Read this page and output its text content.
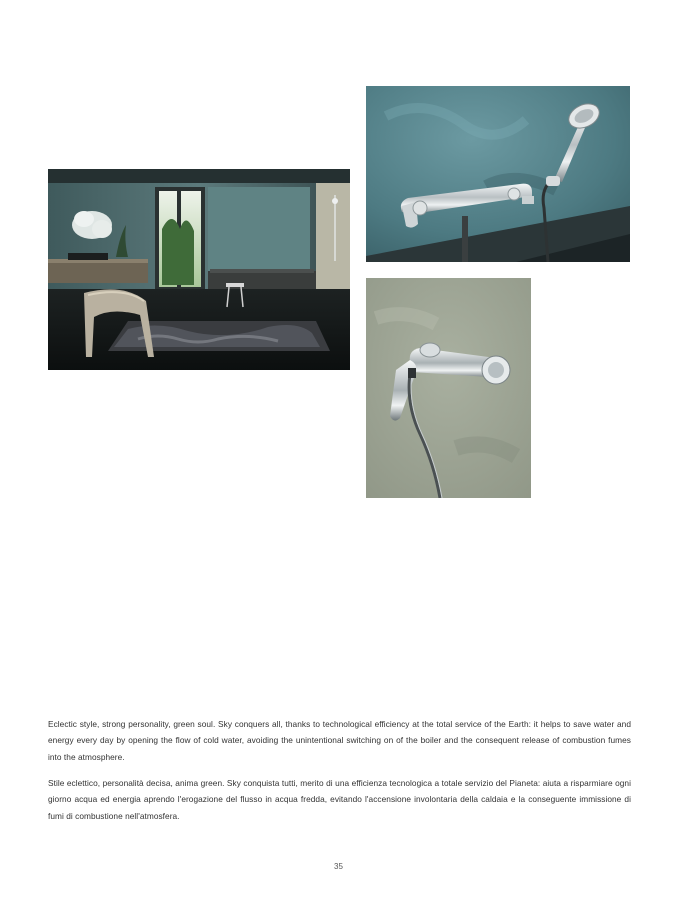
Eclectic style, strong personality, green soul. Sky conquers all, thanks to technological efficiency at the total service of the Earth: it helps to save water and energy every day by opening the flow of cold water, avoiding the unintentional switching on of the boiler and the consequent release of combustion fumes into the atmosphere.

Stile eclettico, personalità decisa, anima green. Sky conquista tutti, merito di una efficienza tecnologica a totale servizio del Pianeta: aiuta a risparmiare ogni giorno acqua ed energia aprendo l'erogazione del flusso in acqua fredda, evitando l'accensione involontaria della caldaia e la conseguente immissione di fumi di combustione nell'atmosfera.

35
